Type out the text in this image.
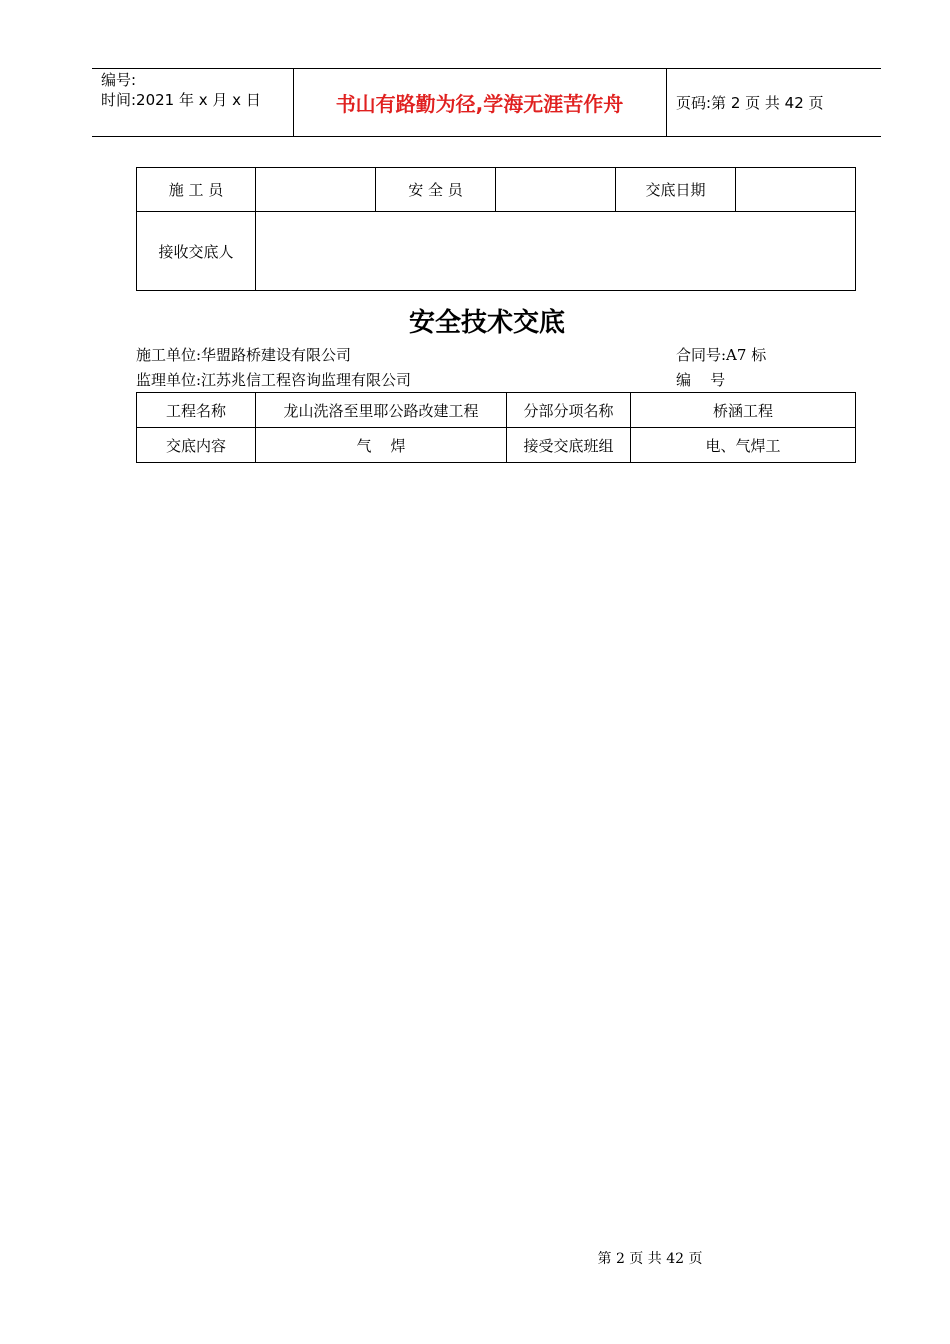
编号:
时间:2021 年 x 月 x 日	书山有路勤为径,学海无涯苦作舟	页码:第 2 页 共 42 页
施 工 员		安 全 员		交底日期	
接收交底人					
安全技术交底
施工单位:华盟路桥建设有限公司	合同号:A7 标
监理单位:江苏兆信工程咨询监理有限公司	编    号
工程名称	龙山洗洛至里耶公路改建工程	分部分项名称	桥涵工程
交底内容	气    焊	接受交底班组	电、气焊工
第 2 页 共 42 页
